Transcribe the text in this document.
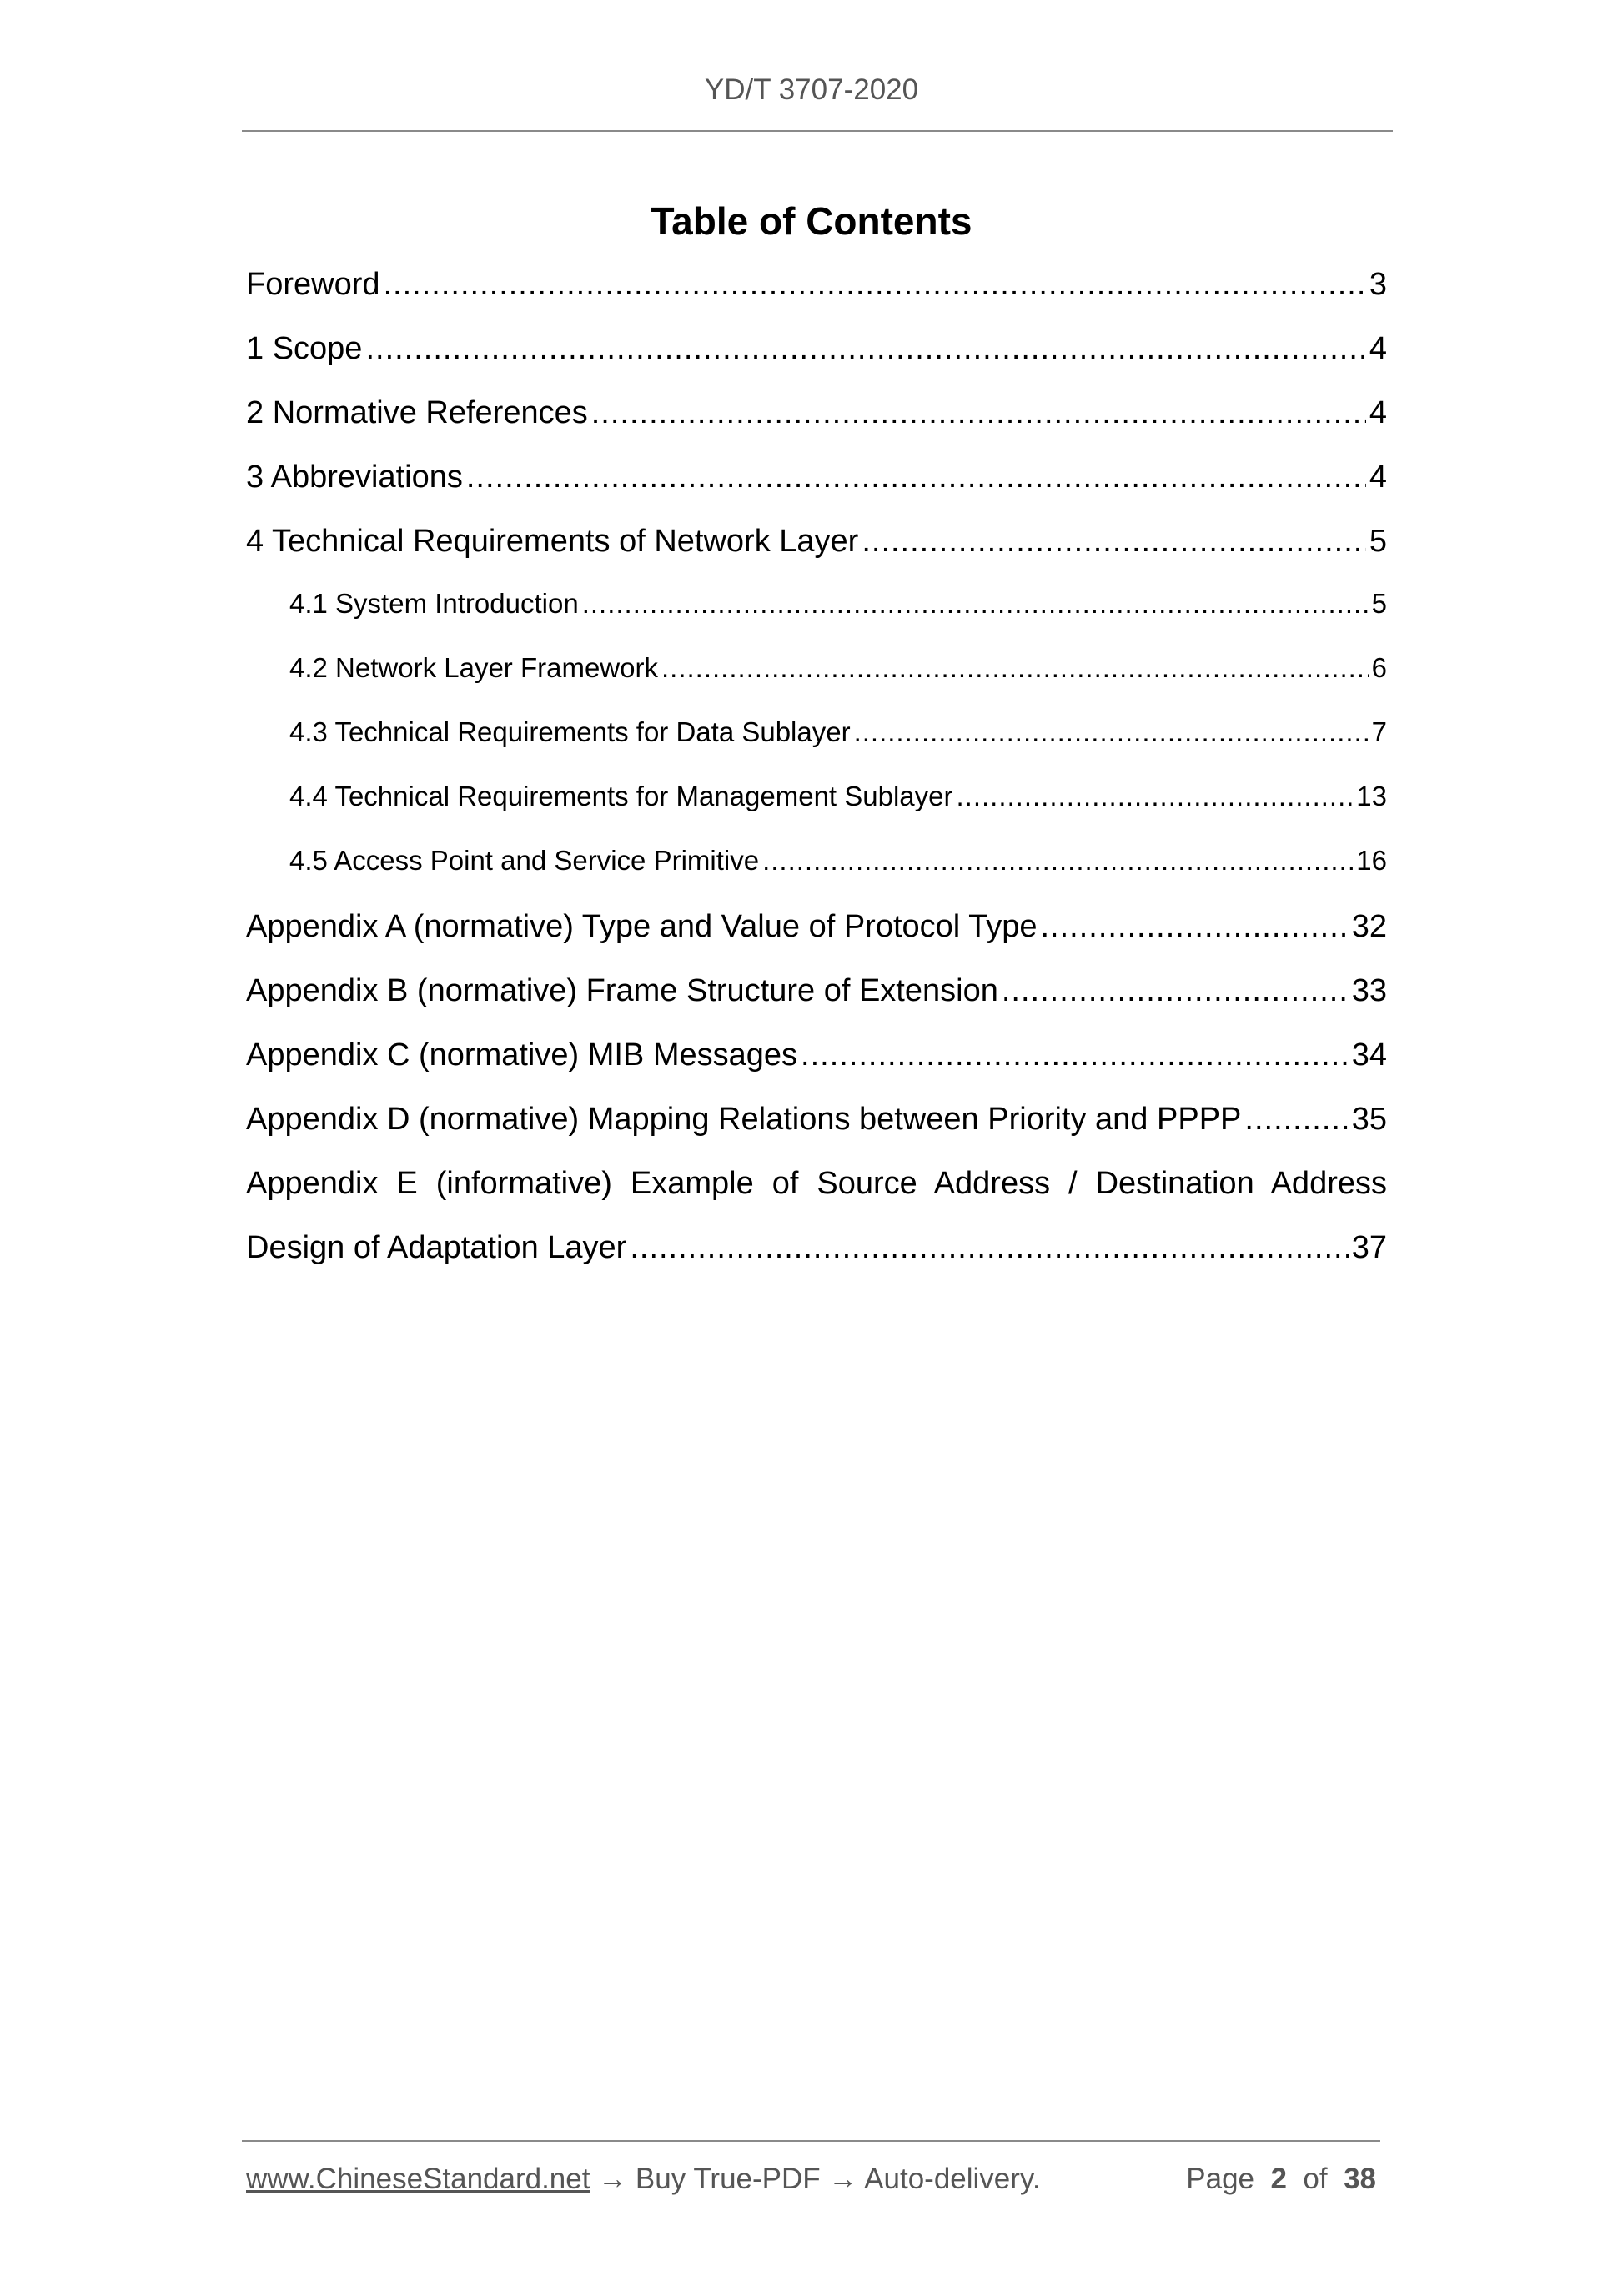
YD/T 3707-2020
Table of Contents
Foreword .....	3
1 Scope .....	4
2 Normative References .....	4
3 Abbreviations .....	4
4 Technical Requirements of Network Layer .....	5
4.1 System Introduction .....	5
4.2 Network Layer Framework .....	6
4.3 Technical Requirements for Data Sublayer .....	7
4.4 Technical Requirements for Management Sublayer .....	13
4.5 Access Point and Service Primitive .....	16
Appendix A (normative) Type and Value of Protocol Type .....	32
Appendix B (normative) Frame Structure of Extension .....	33
Appendix C (normative) MIB Messages .....	34
Appendix D (normative) Mapping Relations between Priority and PPPP .....	35
Appendix E (informative) Example of Source Address / Destination Address
Design of Adaptation Layer .....	37
www.ChineseStandard.net → Buy True-PDF → Auto-delivery.	Page 2 of 38
